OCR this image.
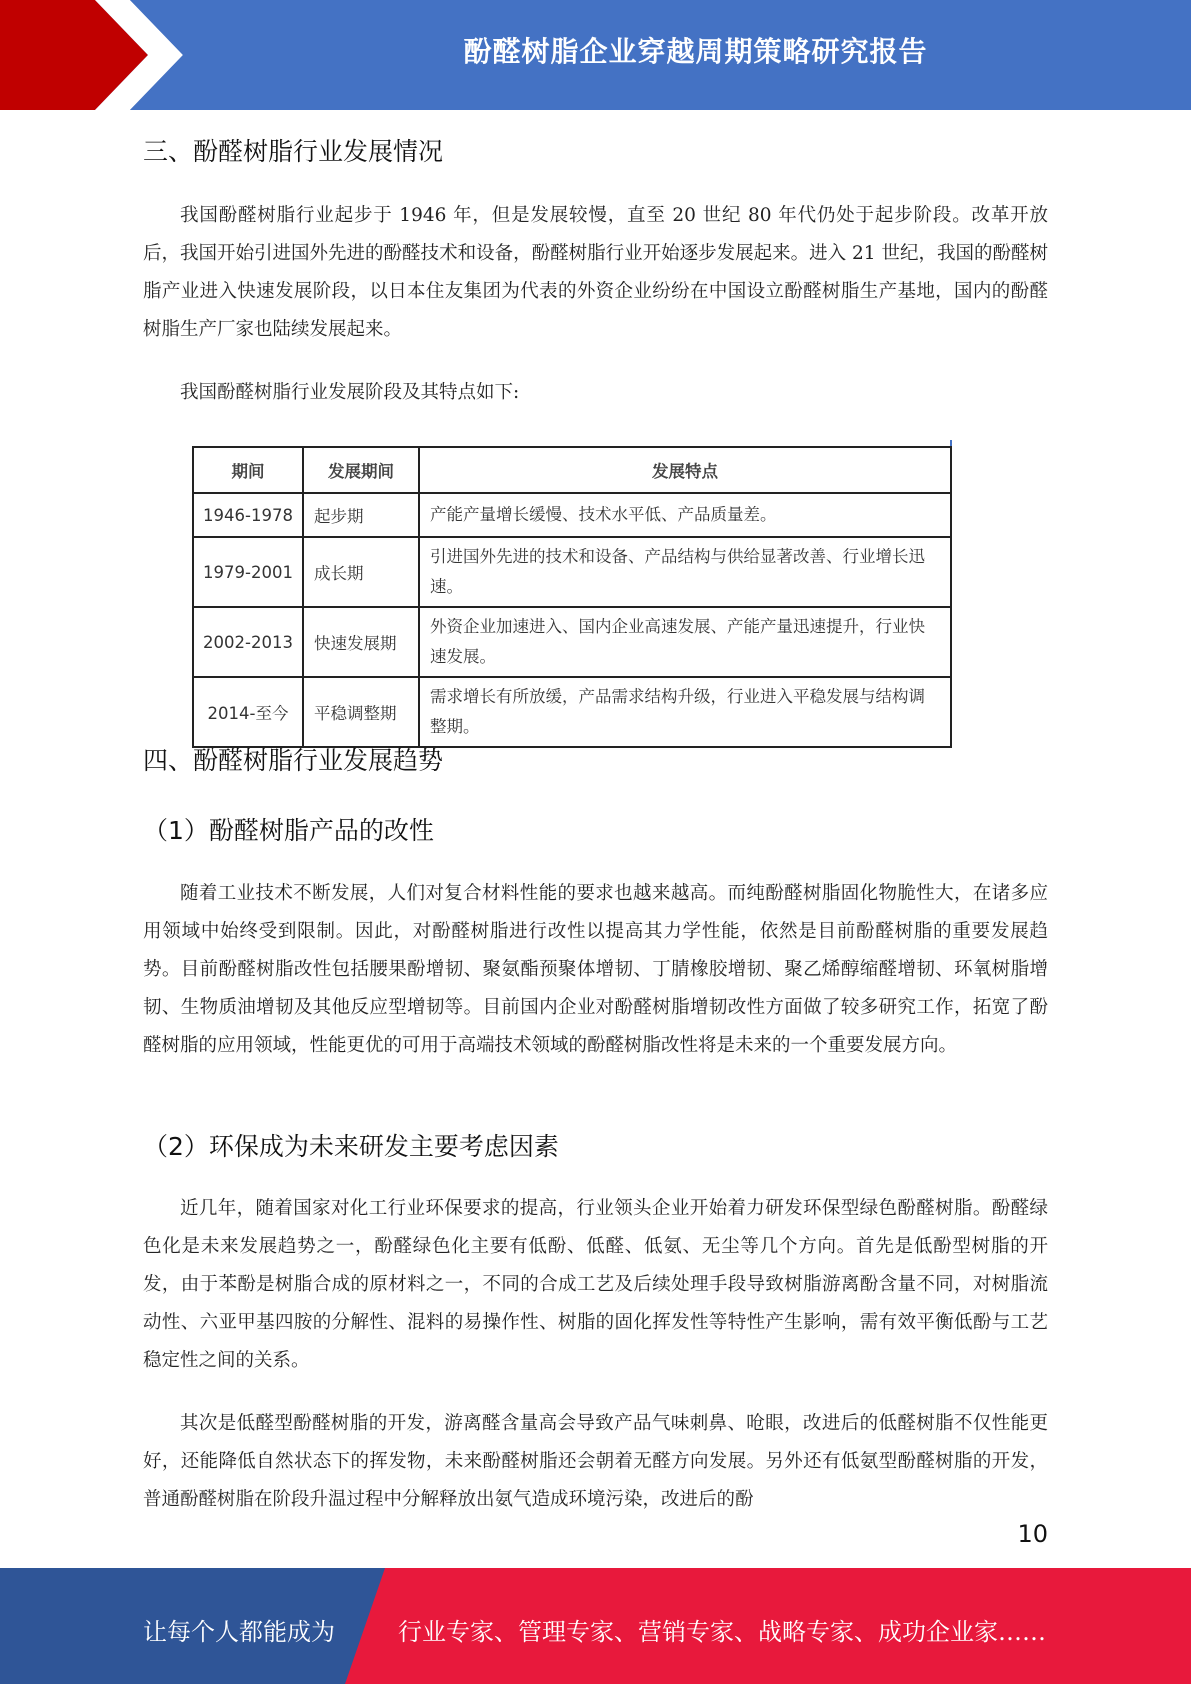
酚醛树脂企业穿越周期策略研究报告
三、酚醛树脂行业发展情况

我国酚醛树脂行业起步于 1946 年，但是发展较慢，直至 20 世纪 80 年代仍处于起步阶段。改革开放后，我国开始引进国外先进的酚醛技术和设备，酚醛树脂行业开始逐步发展起来。进入 21 世纪，我国的酚醛树脂产业进入快速发展阶段，以日本住友集团为代表的外资企业纷纷在中国设立酚醛树脂生产基地，国内的酚醛树脂生产厂家也陆续发展起来。

我国酚醛树脂行业发展阶段及其特点如下:

期间	发展期间	发展特点
1946-1978	起步期	产能产量增长缓慢、技术水平低、产品质量差。
1979-2001	成长期	引进国外先进的技术和设备、产品结构与供给显著改善、行业增长迅速。
2002-2013	快速发展期	外资企业加速进入、国内企业高速发展、产能产量迅速提升，行业快速发展。
2014-至今	平稳调整期	需求增长有所放缓，产品需求结构升级，行业进入平稳发展与结构调整期。
四、酚醛树脂行业发展趋势
（1）酚醛树脂产品的改性

随着工业技术不断发展，人们对复合材料性能的要求也越来越高。而纯酚醛树脂固化物脆性大，在诸多应用领域中始终受到限制。因此，对酚醛树脂进行改性以提高其力学性能，依然是目前酚醛树脂的重要发展趋势。目前酚醛树脂改性包括腰果酚增韧、聚氨酯预聚体增韧、丁腈橡胶增韧、聚乙烯醇缩醛增韧、环氧树脂增韧、生物质油增韧及其他反应型增韧等。目前国内企业对酚醛树脂增韧改性方面做了较多研究工作，拓宽了酚醛树脂的应用领域，性能更优的可用于高端技术领域的酚醛树脂改性将是未来的一个重要发展方向。

（2）环保成为未来研发主要考虑因素

近几年，随着国家对化工行业环保要求的提高，行业领头企业开始着力研发环保型绿色酚醛树脂。酚醛绿色化是未来发展趋势之一，酚醛绿色化主要有低酚、低醛、低氨、无尘等几个方向。首先是低酚型树脂的开发，由于苯酚是树脂合成的原材料之一，不同的合成工艺及后续处理手段导致树脂游离酚含量不同，对树脂流动性、六亚甲基四胺的分解性、混料的易操作性、树脂的固化挥发性等特性产生影响，需有效平衡低酚与工艺稳定性之间的关系。

其次是低醛型酚醛树脂的开发，游离醛含量高会导致产品气味刺鼻、呛眼，改进后的低醛树脂不仅性能更好，还能降低自然状态下的挥发物，未来酚醛树脂还会朝着无醛方向发展。另外还有低氨型酚醛树脂的开发，普通酚醛树脂在阶段升温过程中分解释放出氨气造成环境污染，改进后的酚

10
让每个人都能成为	行业专家、管理专家、营销专家、战略专家、成功企业家……
